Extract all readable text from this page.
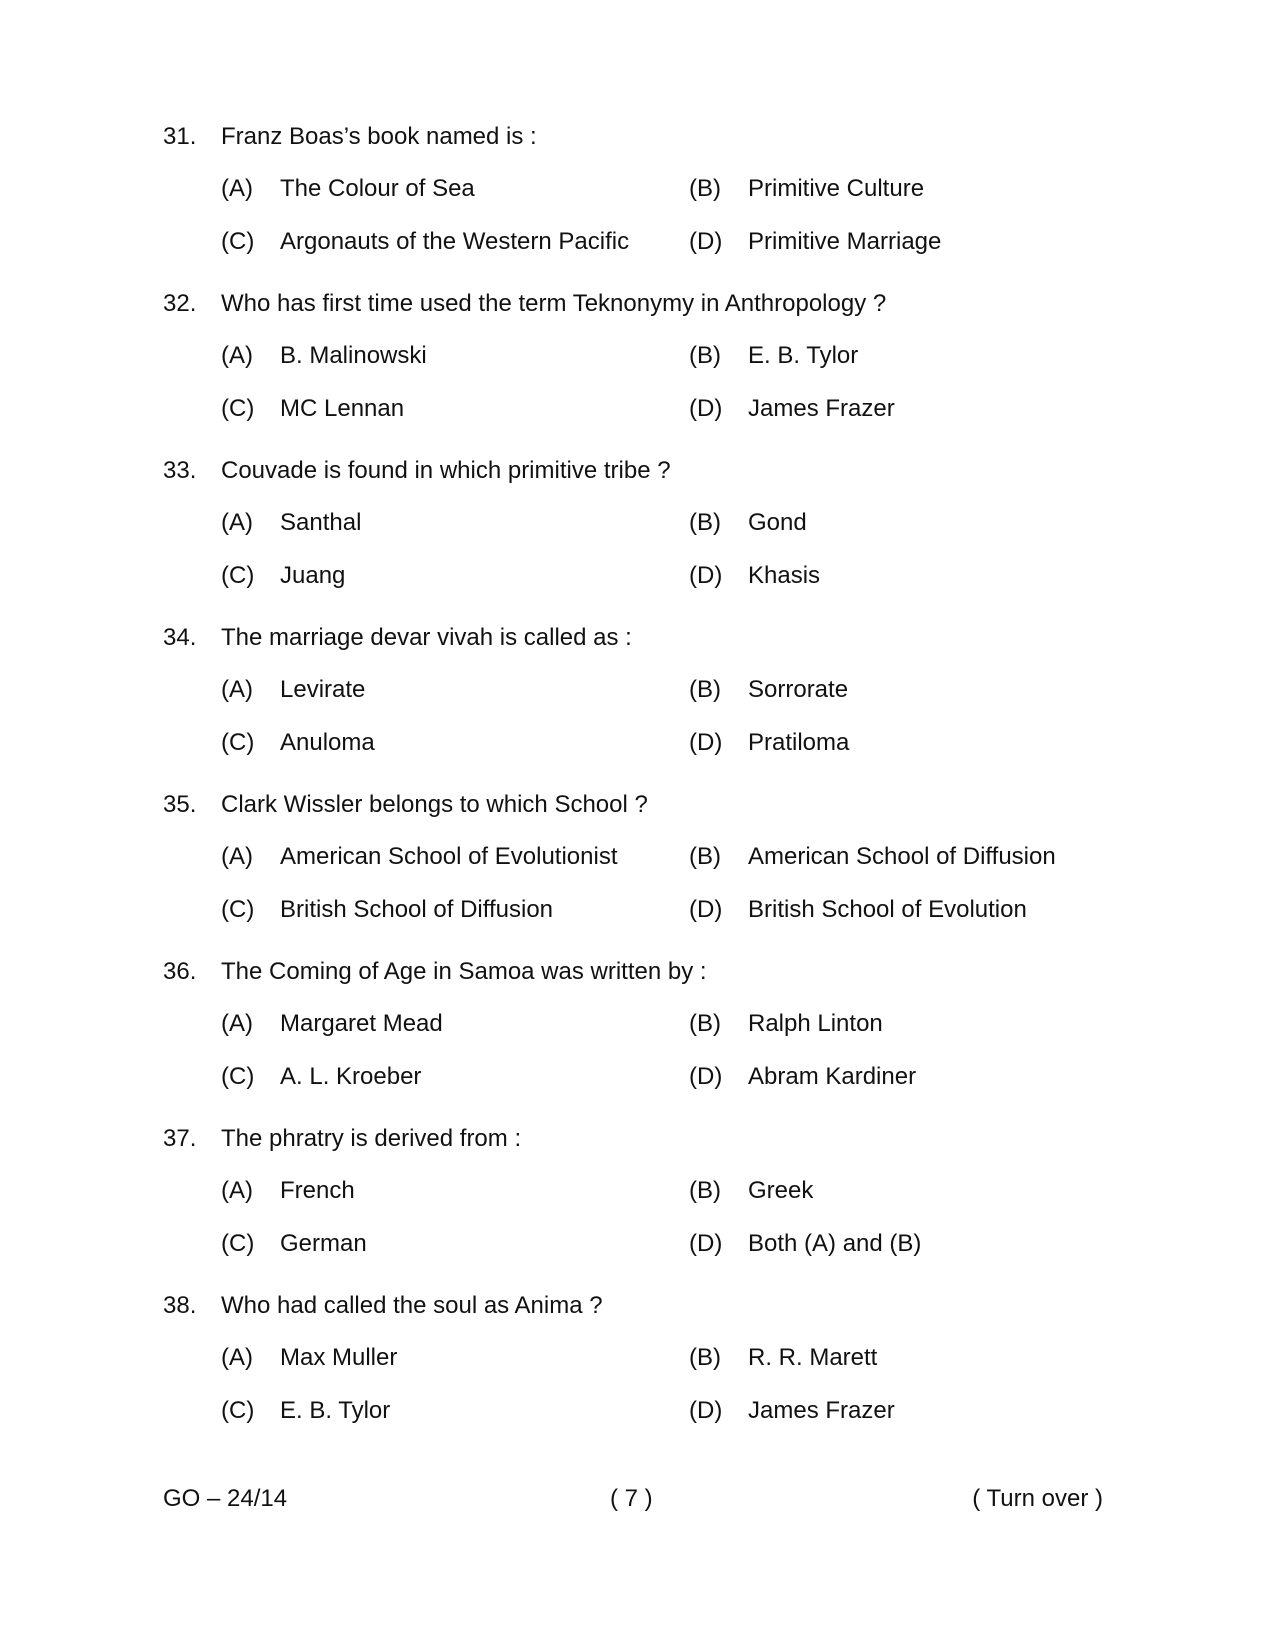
31. Franz Boas’s book named is :
(A) The Colour of Sea	(B) Primitive Culture
(C) Argonauts of the Western Pacific (D) Primitive Marriage
32. Who has first time used the term Teknonymy in Anthropology ?
(A) B. Malinowski	(B) E. B. Tylor
(C) MC Lennan	(D) James Frazer
33. Couvade is found in which primitive tribe ?
(A) Santhal	(B) Gond
(C) Juang	(D) Khasis
34. The marriage devar vivah is called as :
(A) Levirate	(B) Sorrorate
(C) Anuloma	(D) Pratiloma
35. Clark Wissler belongs to which School ?
(A) American School of Evolutionist	(B) American School of Diffusion
(C) British School of Diffusion	(D) British School of Evolution
36. The Coming of Age in Samoa was written by :
(A) Margaret Mead	(B) Ralph Linton
(C) A. L. Kroeber	(D) Abram Kardiner
37. The phratry is derived from :
(A) French	(B) Greek
(C) German	(D) Both (A) and (B)
38. Who had called the soul as Anima ?
(A) Max Muller	(B) R. R. Marett
(C) E. B. Tylor	(D) James Frazer
GO – 24/14	( 7 )	( Turn over )
